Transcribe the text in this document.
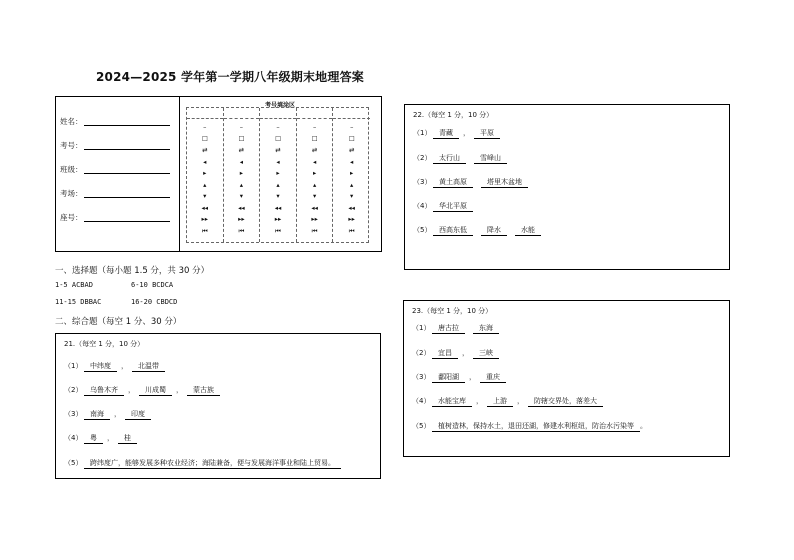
2024—2025 学年第一学期八年级期末地理答案
姓名：
考号：
班级：
考场：
座号：
考号填涂区
–
☐
⇄
◂
▸
▴
▾
◂◂
▸▸
⏮
–
☐
⇄
◂
▸
▴
▾
◂◂
▸▸
⏮
–
☐
⇄
◂
▸
▴
▾
◂◂
▸▸
⏮
–
☐
⇄
◂
▸
▴
▾
◂◂
▸▸
⏮
–
☐
⇄
◂
▸
▴
▾
◂◂
▸▸
⏮
一、选择题（每小题 1.5 分，共 30 分）
1-5 ACBAD	6-10 BCDCA
11-15 DBBAC	16-20 CBDCD
二、综合题（每空 1 分、30 分）
21.（每空 1 分，10 分）
（1） 中纬度 ， 北温带
（2） 乌鲁木齐 ， 川成蜀 ， 蒙古族
（3） 南海 ， 印度
（4） 粤 ， 桂
（5） 跨纬度广，能够发展多种农业经济；海陆兼备，便与发展海洋事业和陆上贸易。
22.（每空 1 分，10 分）
（1） 青藏 ， 平原
（2） 太行山	雪峰山
（3） 黄土高原	塔里木盆地
（4） 华北平原
（5） 西高东低	降水	水能
23.（每空 1 分，10 分）
（1） 唐古拉	东海
（2） 宜昌 ， 三峡
（3） 鄱阳湖 ， 重庆
（4） 水能宝库 ， 上游 ， 防辖交界处，落差大
（5） 植树造林，保持水土，退田还湖，修建水利枢纽，防治水污染等 。
